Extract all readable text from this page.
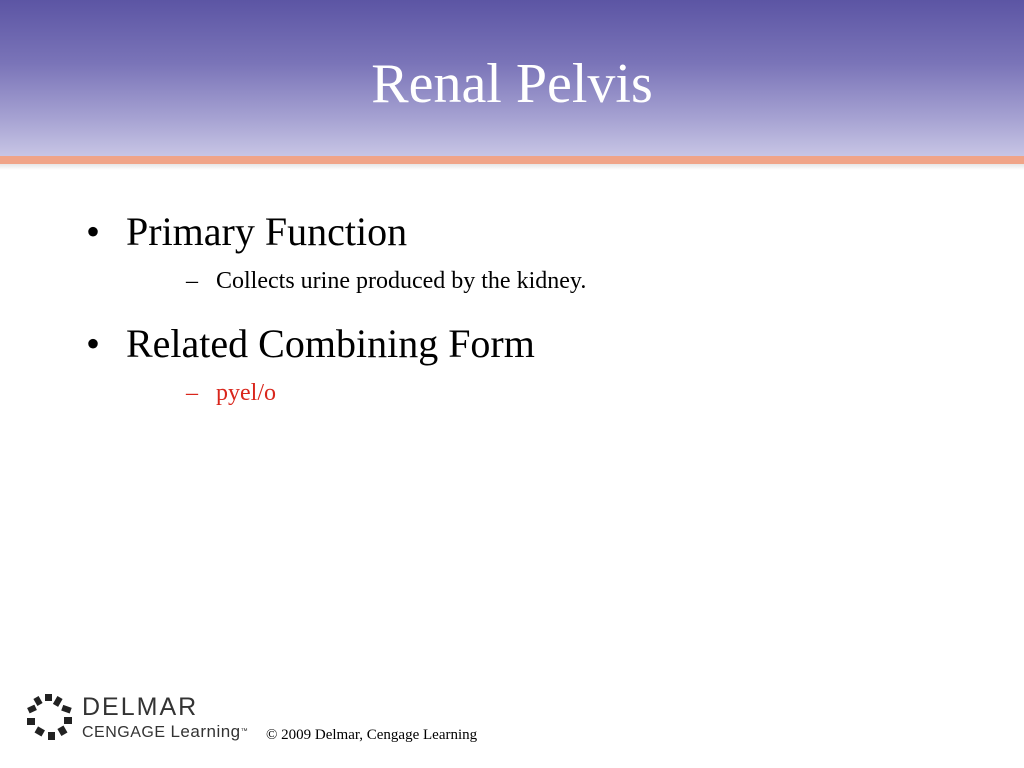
Renal Pelvis
• Primary Function
– Collects urine produced by the kidney.
• Related Combining Form
– pyel/o
DELMAR
CENGAGE Learning™ © 2009 Delmar, Cengage Learning
